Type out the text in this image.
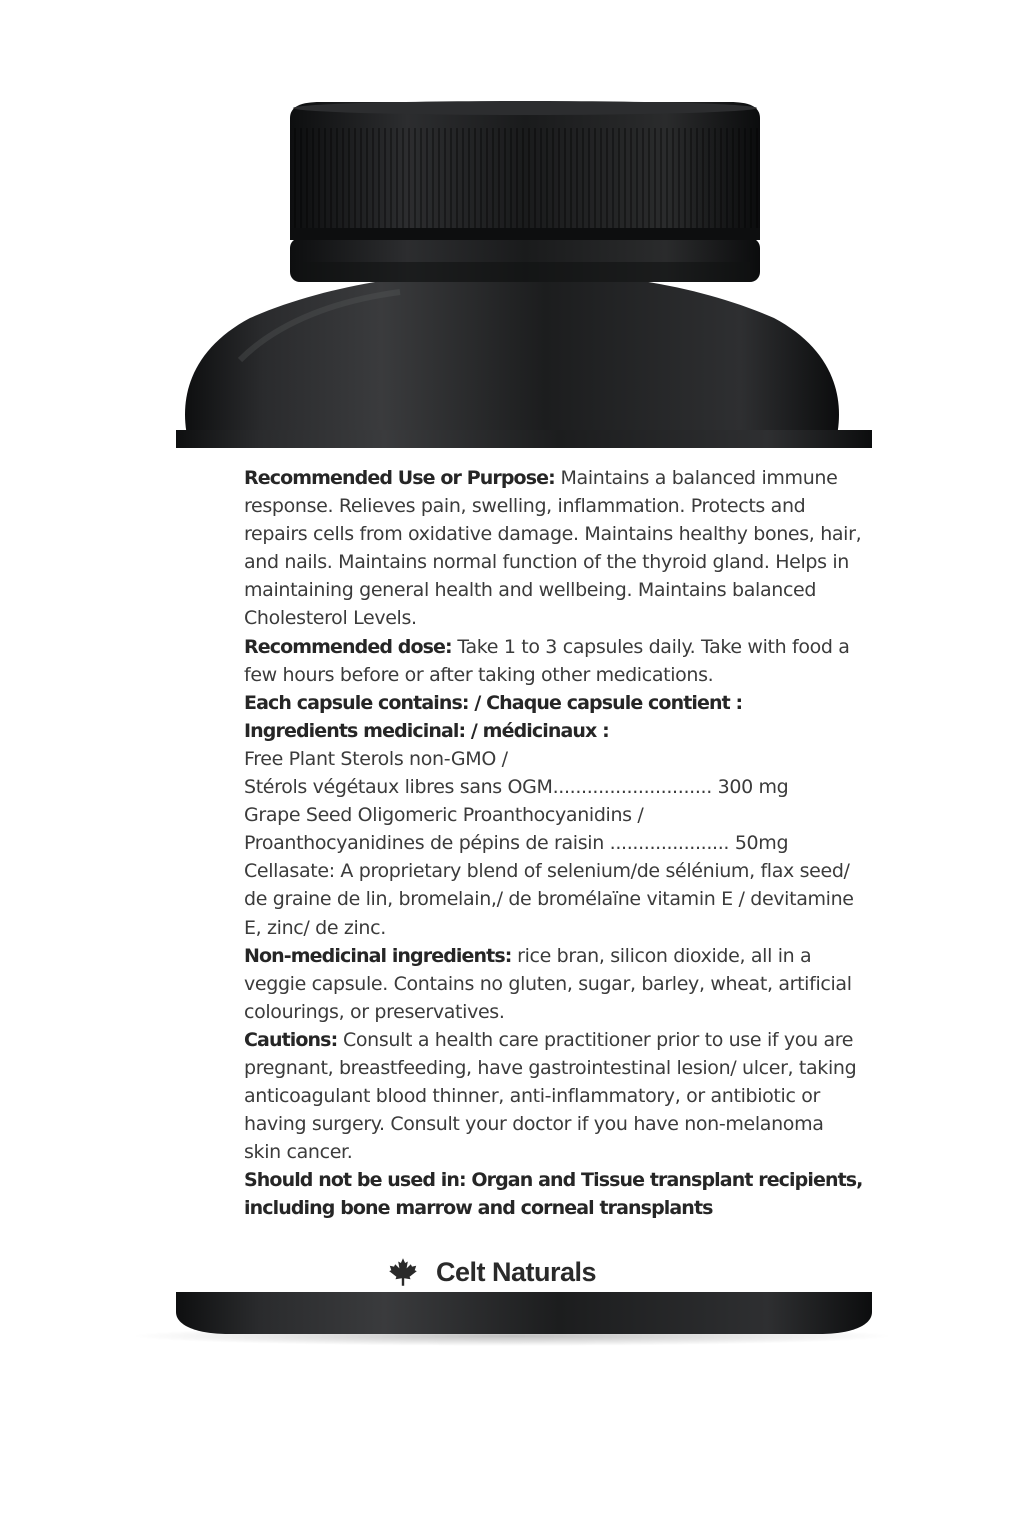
Recommended Use or Purpose: Maintains a balanced immune response. Relieves pain, swelling, inflammation. Protects and repairs cells from oxidative damage. Maintains healthy bones, hair, and nails. Maintains normal function of the thyroid gland. Helps in maintaining general health and wellbeing. Maintains balanced Cholesterol Levels.

Recommended dose: Take 1 to 3 capsules daily. Take with food a few hours before or after taking other medications.

Each capsule contains: / Chaque capsule contient :
Ingredients medicinal: / médicinaux :

Free Plant Sterols non-GMO /
Stérols végétaux libres sans OGM............................ 300 mg

Grape Seed Oligomeric Proanthocyanidins /
Proanthocyanidines de pépins de raisin ..................... 50mg

Cellasate: A proprietary blend of selenium/de sélénium, flax seed/ de graine de lin, bromelain,/ de bromélaïne vitamin E / devitamine E, zinc/ de zinc.

Non-medicinal ingredients: rice bran, silicon dioxide, all in a veggie capsule. Contains no gluten, sugar, barley, wheat, artificial colourings, or preservatives.

Cautions: Consult a health care practitioner prior to use if you are pregnant, breastfeeding, have gastrointestinal lesion/ ulcer, taking anticoagulant blood thinner, anti-inflammatory, or antibiotic or having surgery. Consult your doctor if you have non-melanoma skin cancer.

Should not be used in: Organ and Tissue transplant recipients, including bone marrow and corneal transplants

Celt Naturals
